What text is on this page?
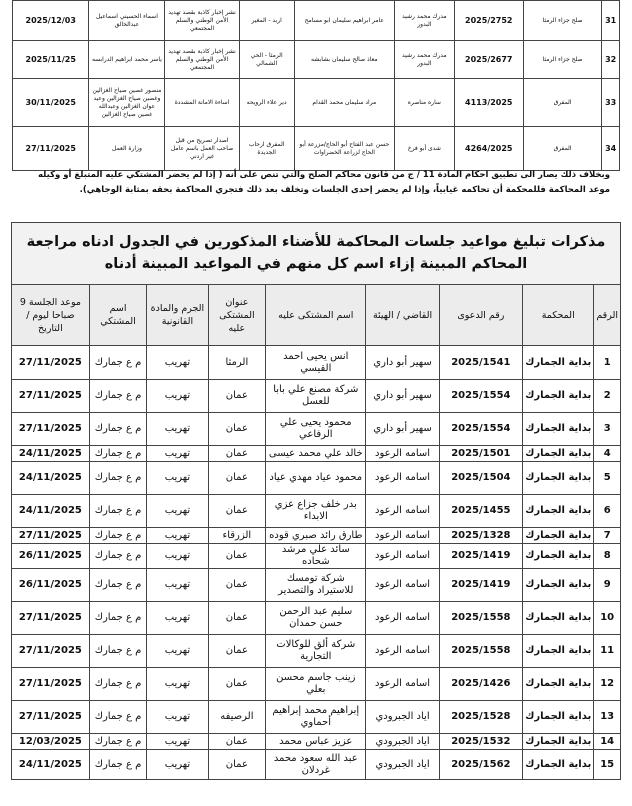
31	صلح جزاء الرمثا	2025/2752	مدرك محمد رشيد البدور	عامر ابراهيم سليمان ابو مسامح	اربد - المغير	نشر إخبار كاذبة بقصد تهديد الأمن الوطني والسلم المجتمعي	اسماء الحسيني اسماعيل عبدالخالق	2025/12/03
32	صلح جزاء الرمثا	2025/2677	مدرك محمد رشيد البدور	معاذ صالح سليمان بشابشه	الرمثا - الحي الشمالي	نشر إخبار كاذبة بقصد تهديد الأمن الوطني والسلم المجتمعي	ياسر محمد ابراهيم الدرابسه	2025/11/25
33	المفرق	4113/2025	ساره مناصره	مراد سليمان محمد القدام	دير علاء الرويحه	اساءة الامانة المشددة	منصور غصين صياح الغزالين وغصين صياح الغزالين وعيد عوان الغزالين وعبدالله غصين صياح الغزالين	30/11/2025
34	المفرق	4264/2025	شدى أبو فرخ	حسن عبد الفتاح أبو الحاج/مزرعة أبو الحاج لزراعة الخضراوات	المفرق ارحاب الجديدة	اصدار تصريح من قبل صاحب العمل باسم عامل غير اردني	وزارة العمل	27/11/2025
وبخلاف ذلك يصار الى تطبيق احكام المادة 11 / ج من قانون محاكم الصلح والتي تنص على أنه ( إذا لم يحضر المشتكي عليه المتبلغ أو وكيله موعد المحاكمة فللمحكمة أن تحاكمه غيابياً، وإذا لم يحضر إحدى الجلسات وتخلف بعد ذلك فتجري المحاكمة بحقه بمثابة الوجاهي).
مذكرات تبليغ مواعيد جلسات المحاكمة للأضناء المذكورين في الجدول ادناه مراجعة المحاكم المبينة إزاء اسم كل منهم في المواعيد المبينة أدناه
الرقم	المحكمة	رقم الدعوى	القاضي / الهيئة	اسم المشتكى عليه	عنوان المشتكى عليه	الجرم والمادة القانونية	اسم المشتكي	موعد الجلسة 9 صباحا ليوم / التاريخ
1	بداية الجمارك	2025/1541	سهير أبو داري	انس يحيى احمد القيسي	الرمثا	تهريب	م ع جمارك	27/11/2025
2	بداية الجمارك	2025/1554	سهير أبو داري	شركة مصنع علي بابا للعسل	عمان	تهريب	م ع جمارك	27/11/2025
3	بداية الجمارك	2025/1554	سهير أبو داري	محمود يحيى علي الرفاعي	عمان	تهريب	م ع جمارك	27/11/2025
4	بداية الجمارك	2025/1501	اسامه الرعود	خالد علي محمد عيسى	عمان	تهريب	م ع جمارك	24/11/2025
5	بداية الجمارك	2025/1504	اسامه الرعود	محمود عياد مهدي عياد	عمان	تهريب	م ع جمارك	24/11/2025
6	بداية الجمارك	2025/1455	اسامه الرعود	بدر خلف جزاع عزي الابداء	عمان	تهريب	م ع جمارك	24/11/2025
7	بداية الجمارك	2025/1328	اسامه الرعود	طارق رائد صبري قوده	الزرقاء	تهريب	م ع جمارك	27/11/2025
8	بداية الجمارك	2025/1419	اسامه الرعود	سائد علي مرشد شحاده	عمان	تهريب	م ع جمارك	26/11/2025
9	بداية الجمارك	2025/1419	اسامه الرعود	شركة تومسك للاستيراد والتصدير	عمان	تهريب	م ع جمارك	26/11/2025
10	بداية الجمارك	2025/1558	اسامه الرعود	سليم عبد الرحمن حسن حمدان	عمان	تهريب	م ع جمارك	27/11/2025
11	بداية الجمارك	2025/1558	اسامه الرعود	شركة ألق للوكالات التجارية	عمان	تهريب	م ع جمارك	27/11/2025
12	بداية الجمارك	2025/1426	اسامه الرعود	زينب جاسم محسن بعلي	عمان	تهريب	م ع جمارك	27/11/2025
13	بداية الجمارك	2025/1528	اياد الجبرودي	إبراهيم محمد إبراهيم أحماوي	الرصيفه	تهريب	م ع جمارك	27/11/2025
14	بداية الجمارك	2025/1532	اياد الجبرودي	عزيز عباس محمد	عمان	تهريب	م ع جمارك	12/03/2025
15	بداية الجمارك	2025/1562	اياد الجبرودي	عبد الله سعود محمد غردلان	عمان	تهريب	م ع جمارك	24/11/2025
